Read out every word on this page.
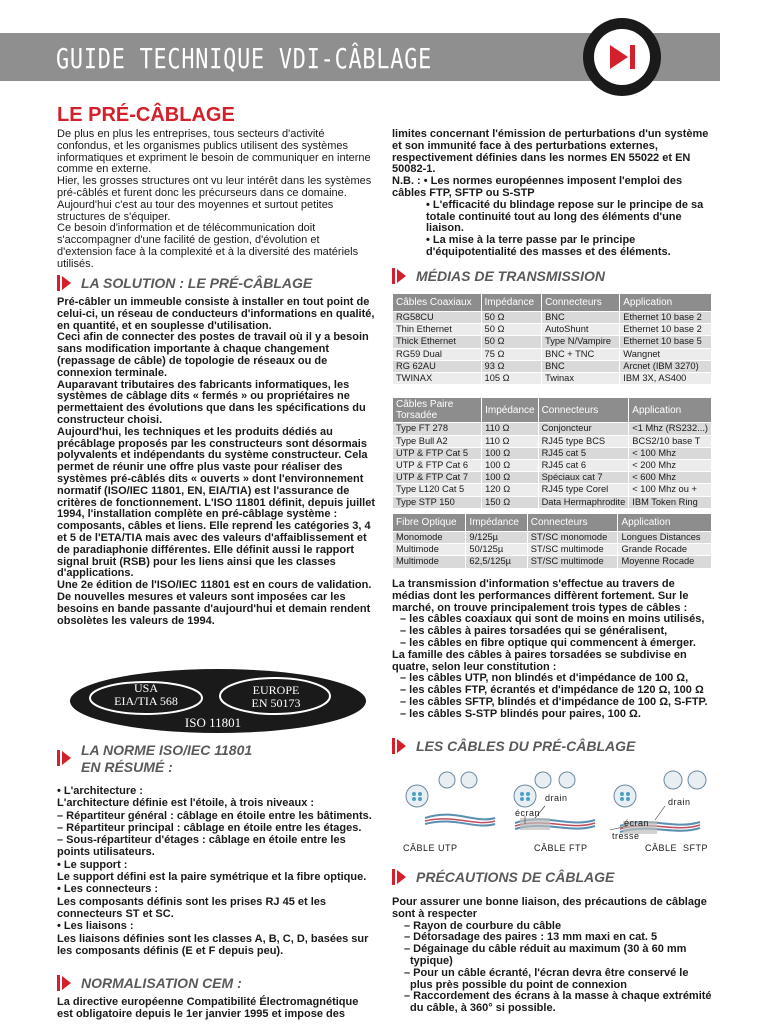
GUIDE TECHNIQUE VDI-CÂBLAGE
LE PRÉ-CÂBLAGE

De plus en plus les entreprises, tous secteurs d'activité confondus, et les organismes publics utilisent des systèmes informatiques et expriment le besoin de communiquer en interne comme en externe.

Hier, les grosses structures ont vu leur intérêt dans les systèmes pré-câblés et furent donc les précurseurs dans ce domaine. Aujourd'hui c'est au tour des moyennes et surtout petites structures de s'équiper.

Ce besoin d'information et de télécommunication doit s'accompagner d'une facilité de gestion, d'évolution et d'extension face à la complexité et à la diversité des matériels utilisés.

LA SOLUTION : LE PRÉ-CÂBLAGE

Pré-câbler un immeuble consiste à installer en tout point de celui-ci, un réseau de conducteurs d'informations en qualité, en quantité, et en souplesse d'utilisation.

Ceci afin de connecter des postes de travail où il y a besoin sans modification importante à chaque changement (repassage de câble) de topologie de réseaux ou de connexion terminale.

Auparavant tributaires des fabricants informatiques, les systèmes de câblage dits « fermés » ou propriétaires ne permettaient des évolutions que dans les spécifications du constructeur choisi.

Aujourd'hui, les techniques et les produits dédiés au précâblage proposés par les constructeurs sont désormais polyvalents et indépendants du système constructeur. Cela permet de réunir une offre plus vaste pour réaliser des systèmes pré-câblés dits « ouverts » dont l'environnement normatif (ISO/IEC 11801, EN, EIA/TIA) est l'assurance de critères de fonctionnement. L'ISO 11801 définit, depuis juillet 1994, l'installation complète en pré-câblage système : composants, câbles et liens. Elle reprend les catégories 3, 4 et 5 de l'ETA/TIA mais avec des valeurs d'affaiblissement et de paradiaphonie différentes. Elle définit aussi le rapport signal bruit (RSB) pour les liens ainsi que les classes d'applications.

Une 2e édition de l'ISO/IEC 11801 est en cours de validation. De nouvelles mesures et valeurs sont imposées car les besoins en bande passante d'aujourd'hui et demain rendent obsolètes les valeurs de 1994.

USA
EIA/TIA 568
EUROPE
EN 50173
ISO 11801
LA NORME ISO/IEC 11801
EN RÉSUMÉ :

• L'architecture :

L'architecture définie est l'étoile, à trois niveaux :

– Répartiteur général : câblage en étoile entre les bâtiments.

– Répartiteur principal : câblage en étoile entre les étages.

– Sous-répartiteur d'étages : câblage en étoile entre les points utilisateurs.

• Le support :

Le support défini est la paire symétrique et la fibre optique.

• Les connecteurs :

Les composants définis sont les prises RJ 45 et les connecteurs ST et SC.

• Les liaisons :

Les liaisons définies sont les classes A, B, C, D, basées sur les composants définis (E et F depuis peu).

NORMALISATION CEM :

La directive européenne Compatibilité Électromagnétique est obligatoire depuis le 1er janvier 1995 et impose des

limites concernant l'émission de perturbations d'un système et son immunité face à des perturbations externes, respectivement définies dans les normes EN 55022 et EN 50082-1.

N.B. : • Les normes européennes imposent l'emploi des câbles FTP, SFTP ou S-STP

• L'efficacité du blindage repose sur le principe de sa totale continuité tout au long des éléments d'une liaison.

• La mise à la terre passe par le principe d'équipotentialité des masses et des éléments.

MÉDIAS DE TRANSMISSION
Câbles Coaxiaux	Impédance	Connecteurs	Application
RG58CU	50 Ω	BNC	Ethernet 10 base 2
Thin Ethernet	50 Ω	AutoShunt	Ethernet 10 base 2
Thick Ethernet	50 Ω	Type N/Vampire	Ethernet 10 base 5
RG59 Dual	75 Ω	BNC + TNC	Wangnet
RG 62AU	93 Ω	BNC	Arcnet (IBM 3270)
TWINAX	105 Ω	Twinax	IBM 3X, AS400
Câbles Paire Torsadée	Impédance	Connecteurs	Application
Type FT 278	110 Ω	Conjoncteur	<1 Mhz (RS232...)
Type Bull A2	110 Ω	RJ45 type BCS	BCS2/10 base T
UTP & FTP Cat 5	100 Ω	RJ45 cat 5	< 100 Mhz
UTP & FTP Cat 6	100 Ω	RJ45 cat 6	< 200 Mhz
UTP & FTP Cat 7	100 Ω	Spéciaux cat 7	< 600 Mhz
Type L120 Cat 5	120 Ω	RJ45 type Corel	< 100 Mhz ou +
Type STP 150	150 Ω	Data Hermaphrodite	IBM Token Ring
Fibre Optique	Impédance	Connecteurs	Application
Monomode	9/125µ	ST/SC monomode	Longues Distances
Multimode	50/125µ	ST/SC multimode	Grande Rocade
Multimode	62,5/125µ	ST/SC multimode	Moyenne Rocade

La transmission d'information s'effectue au travers de médias dont les performances diffèrent fortement. Sur le marché, on trouve principalement trois types de câbles :

– les câbles coaxiaux qui sont de moins en moins utilisés,

– les câbles à paires torsadées qui se généralisent,

– les câbles en fibre optique qui commencent à émerger.

La famille des câbles à paires torsadées se subdivise en quatre, selon leur constitution :

– les câbles UTP, non blindés et d'impédance de 100 Ω,

– les câbles FTP, écrantés et d'impédance de 120 Ω, 100 Ω

– les câbles SFTP, blindés et d'impédance de 100 Ω, S-FTP.

– les câbles S-STP blindés pour paires, 100 Ω.

LES CÂBLES DU PRÉ-CÂBLAGE
drain
écran
drain
écran
tresse
CÂBLE UTP	CÂBLE FTP	CÂBLE  SFTP
PRÉCAUTIONS DE CÂBLAGE

Pour assurer une bonne liaison, des précautions de câblage sont à respecter

– Rayon de courbure du câble

– Détorsadage des paires : 13 mm maxi en cat. 5

– Dégainage du câble réduit au maximum (30 à 60 mm typique)

– Pour un câble écranté, l'écran devra être conservé le plus près possible du point de connexion

– Raccordement des écrans à la masse à chaque extrémité du câble, à 360° si possible.
